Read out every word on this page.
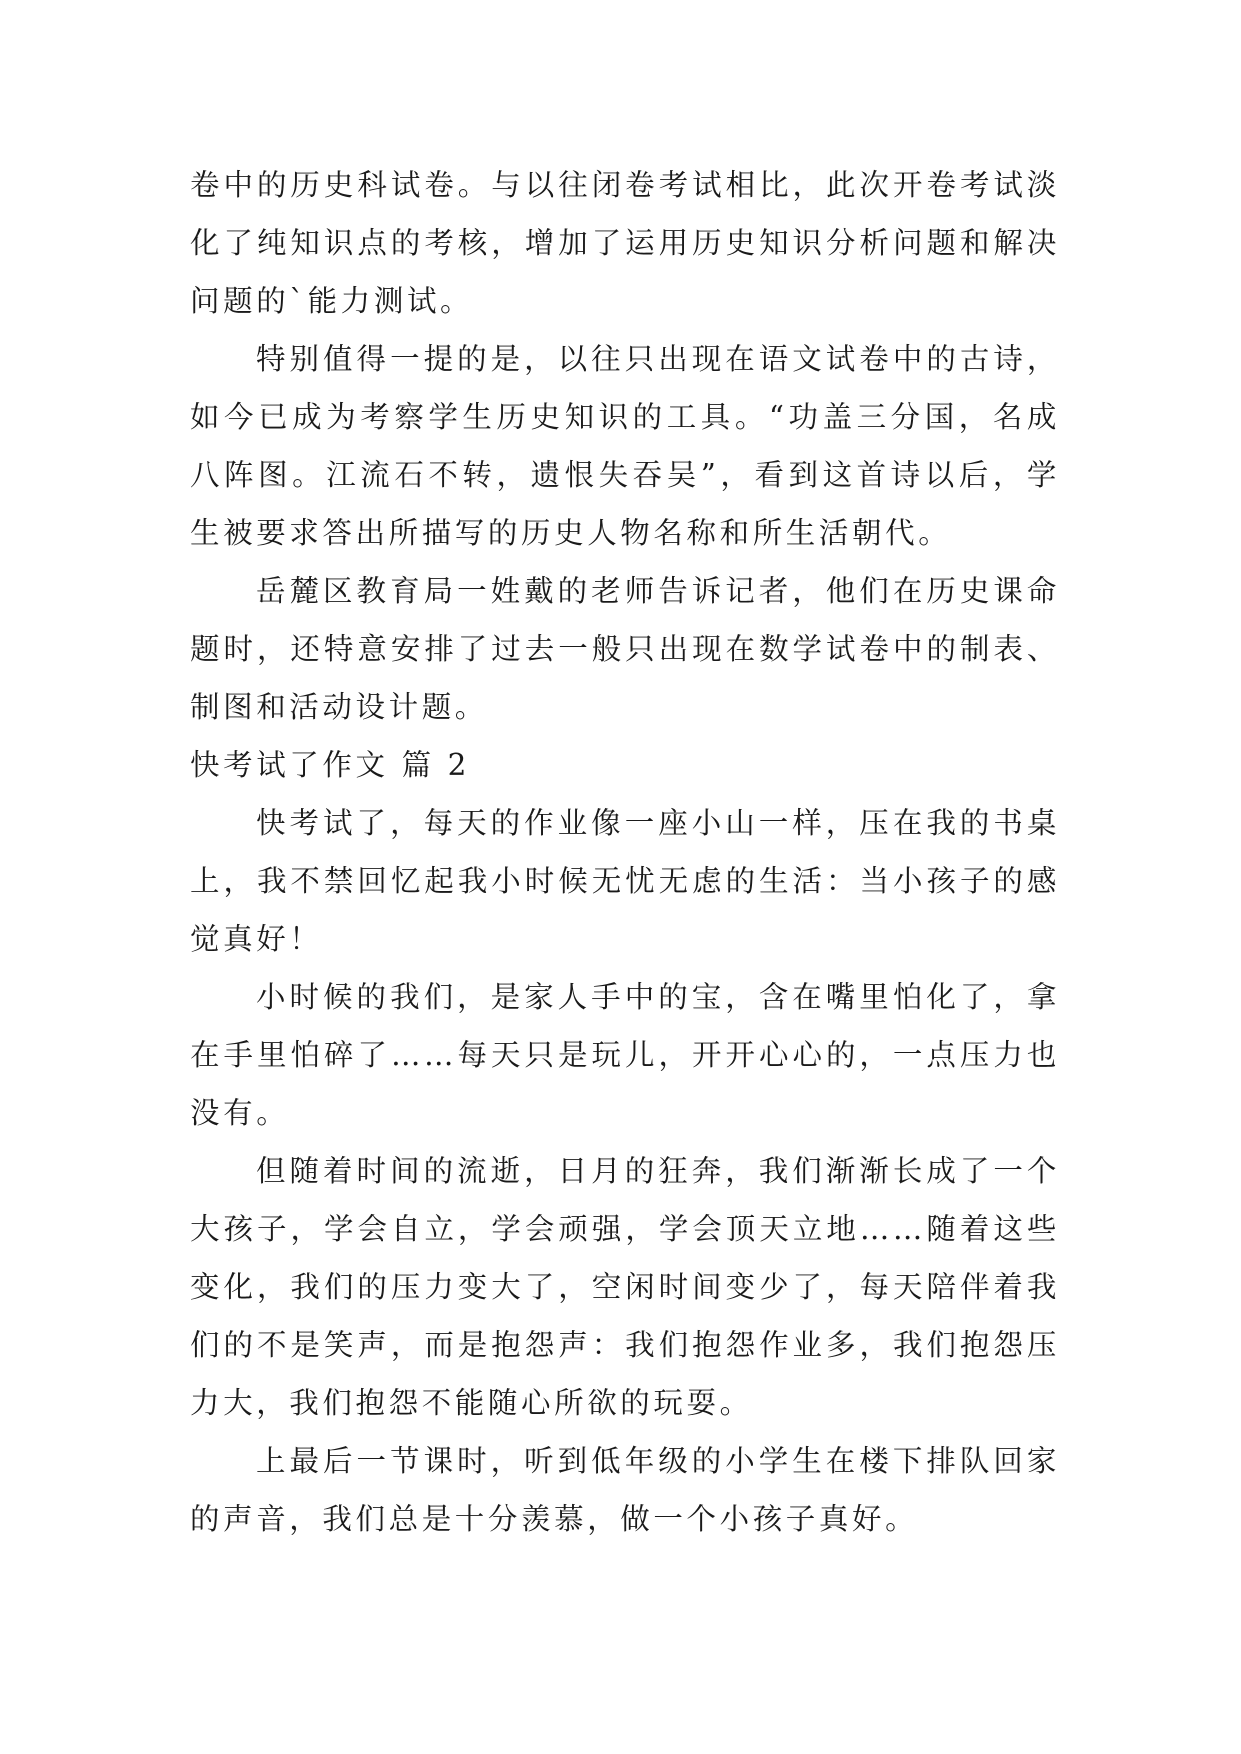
卷中的历史科试卷。与以往闭卷考试相比，此次开卷考试淡化了纯知识点的考核，增加了运用历史知识分析问题和解决问题的`能力测试。

特别值得一提的是，以往只出现在语文试卷中的古诗，如今已成为考察学生历史知识的工具。“功盖三分国，名成八阵图。江流石不转，遗恨失吞吴”，看到这首诗以后，学生被要求答出所描写的历史人物名称和所生活朝代。

岳麓区教育局一姓戴的老师告诉记者，他们在历史课命题时，还特意安排了过去一般只出现在数学试卷中的制表、制图和活动设计题。

快考试了作文 篇 2

快考试了，每天的作业像一座小山一样，压在我的书桌上，我不禁回忆起我小时候无忧无虑的生活：当小孩子的感觉真好！

小时候的我们，是家人手中的宝，含在嘴里怕化了，拿在手里怕碎了……每天只是玩儿，开开心心的，一点压力也没有。

但随着时间的流逝，日月的狂奔，我们渐渐长成了一个大孩子，学会自立，学会顽强，学会顶天立地……随着这些变化，我们的压力变大了，空闲时间变少了，每天陪伴着我们的不是笑声，而是抱怨声：我们抱怨作业多，我们抱怨压力大，我们抱怨不能随心所欲的玩耍。

上最后一节课时，听到低年级的小学生在楼下排队回家的声音，我们总是十分羡慕，做一个小孩子真好。
